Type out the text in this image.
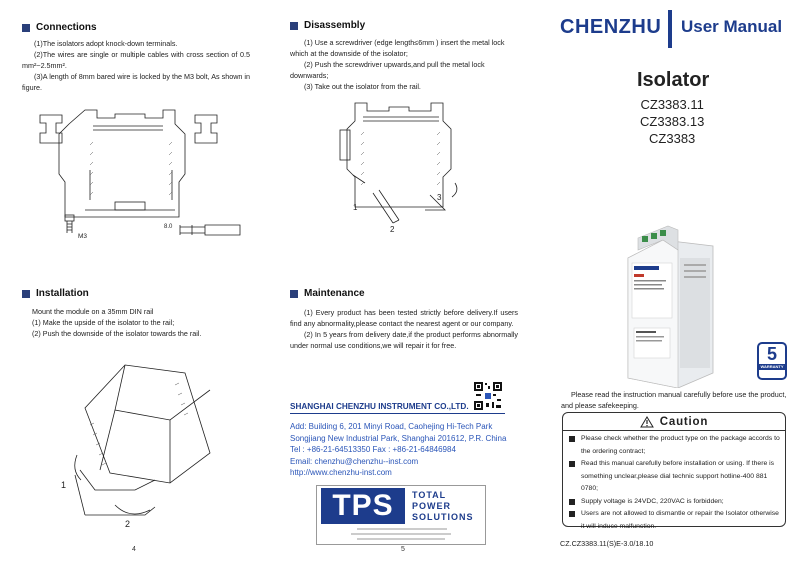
Connections

(1)The isolators adopt knock-down terminals.

(2)The wires are single or multiple cables with cross section of 0.5 mm²~2.5mm².

(3)A length of 8mm bared wire is locked by the M3 bolt, As shown in figure.

M3
8.0
Installation

Mount the module on a 35mm DIN rail

(1) Make the upside of the isolator to the rail;

(2) Push the downside of the isolator towards the rail.

1
2
4
Disassembly

(1) Use a screwdriver (edge length≤6mm ) insert the metal lock which at the downside of the isolator;

(2) Push the screwdriver upwards,and pull the metal lock downwards;

(3) Take out the isolator from the rail.

1
2
3
Maintenance

(1) Every product has been tested strictly before delivery.If users find any abnormality,please contact the nearest agent or our company.

(2) In 5 years from delivery date,if the product performs abnormally under normal use conditions,we will repair it for free.

SHANGHAI CHENZHU INSTRUMENT CO.,LTD.
Add: Building 6, 201 Minyi Road, Caohejing Hi-Tech Park
Songjiang New Industrial Park, Shanghai 201612, P.R. China
Tel : +86-21-64513350 Fax : +86-21-64846984
Email: chenzhu@chenzhu--inst.com
http://www.chenzhu-inst.com
TPS	TOTAL
POWER
SOLUTIONS
5
CHENZHU User Manual
Isolator
CZ3383.11
CZ3383.13
CZ3383
5
WARRANTY
Please read the instruction manual carefully before use the product, and please safekeeping.
Caution
Please check whether the product type on the package accords to the ordering contract;
Read this manual carefully before installation or using. If there is something unclear,please dial technic support hotline-400 881 0780;
Supply voltage is 24VDC, 220VAC is forbidden;
Users are not allowed to dismantle or repair the Isolator otherwise it will induce malfunction.
CZ.CZ3383.11(S)E-3.0/18.10
